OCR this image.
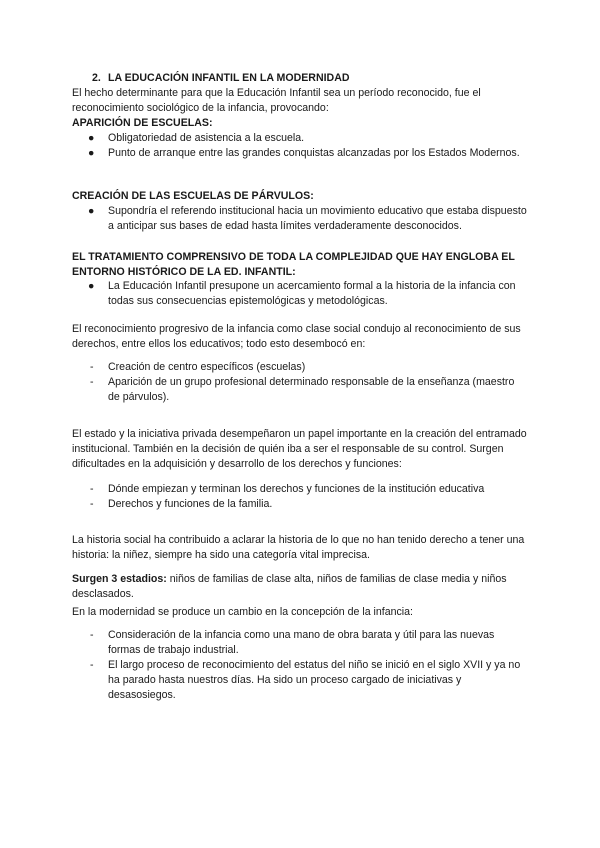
2. LA EDUCACIÓN INFANTIL EN LA MODERNIDAD

El hecho determinante para que la Educación Infantil sea un período reconocido, fue el reconocimiento sociológico de la infancia, provocando:

APARICIÓN DE ESCUELAS:
● Obligatoriedad de asistencia a la escuela.
● Punto de arranque entre las grandes conquistas alcanzadas por los Estados Modernos.
CREACIÓN DE LAS ESCUELAS DE PÁRVULOS:
● Supondría el referendo institucional hacia un movimiento educativo que estaba dispuesto a anticipar sus bases de edad hasta límites verdaderamente desconocidos.
EL TRATAMIENTO COMPRENSIVO DE TODA LA COMPLEJIDAD QUE HAY ENGLOBA EL ENTORNO HISTÓRICO DE LA ED. INFANTIL:
● La Educación Infantil presupone un acercamiento formal a la historia de la infancia con todas sus consecuencias epistemológicas y metodológicas.

El reconocimiento progresivo de la infancia como clase social condujo al reconocimiento de sus derechos, entre ellos los educativos; todo esto desembocó en:

- Creación de centro específicos (escuelas)
- Aparición de un grupo profesional determinado responsable de la enseñanza (maestro de párvulos).

El estado y la iniciativa privada desempeñaron un papel importante en la creación del entramado institucional. También en la decisión de quién iba a ser el responsable de su control. Surgen dificultades en la adquisición y desarrollo de los derechos y funciones:

- Dónde empiezan y terminan los derechos y funciones de la institución educativa
- Derechos y funciones de la familia.

La historia social ha contribuido a aclarar la historia de lo que no han tenido derecho a tener una historia: la niñez, siempre ha sido una categoría vital imprecisa.

Surgen 3 estadios: niños de familias de clase alta, niños de familias de clase media y niños desclasados.

En la modernidad se produce un cambio en la concepción de la infancia:

- Consideración de la infancia como una mano de obra barata y útil para las nuevas formas de trabajo industrial.
- El largo proceso de reconocimiento del estatus del niño se inició en el siglo XVII y ya no ha parado hasta nuestros días. Ha sido un proceso cargado de iniciativas y desasosiegos.
